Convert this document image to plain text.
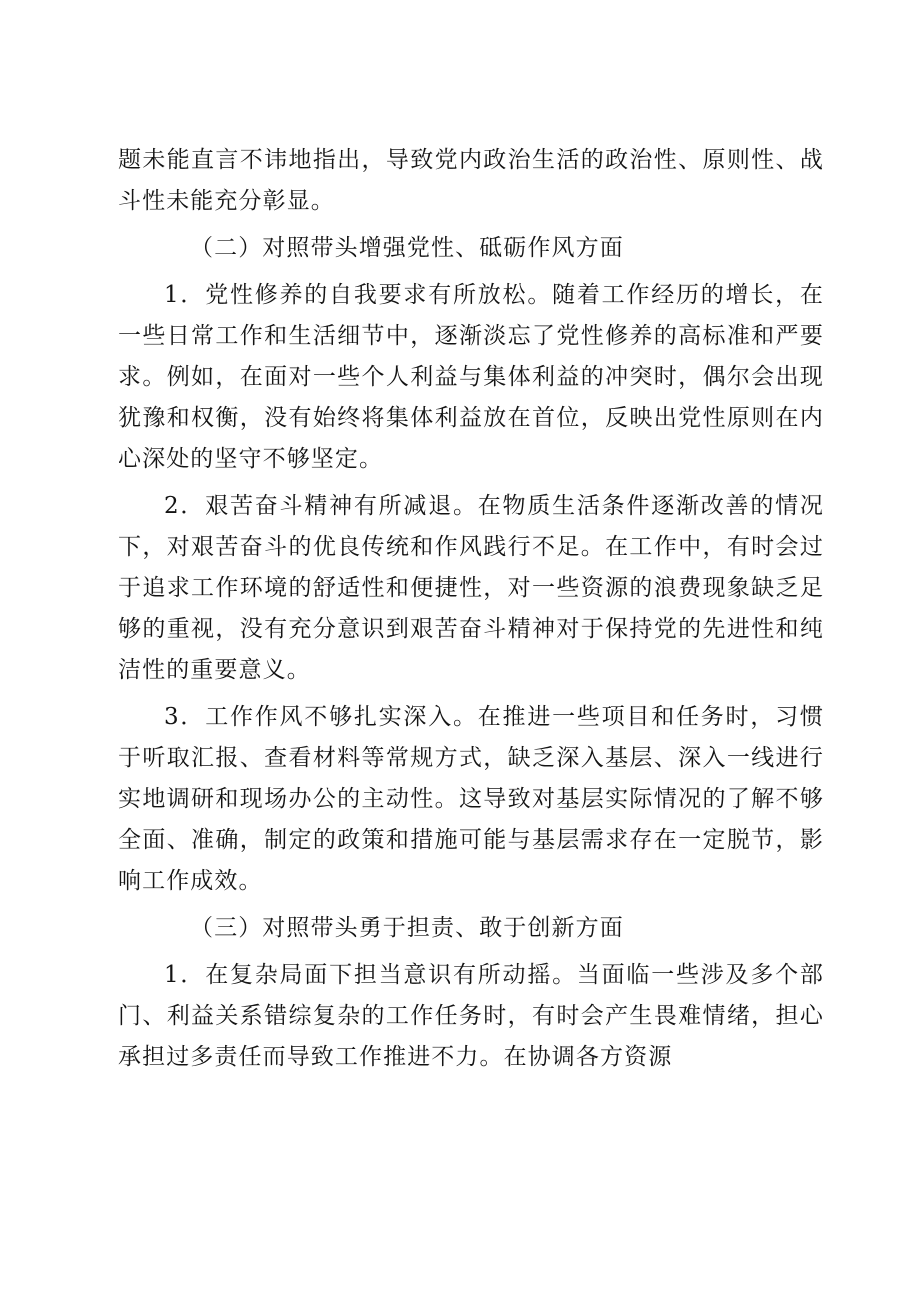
题未能直言不讳地指出，导致党内政治生活的政治性、原则性、战斗性未能充分彰显。

（二）对照带头增强党性、砥砺作风方面

1．党性修养的自我要求有所放松。随着工作经历的增长，在一些日常工作和生活细节中，逐渐淡忘了党性修养的高标准和严要求。例如，在面对一些个人利益与集体利益的冲突时，偶尔会出现犹豫和权衡，没有始终将集体利益放在首位，反映出党性原则在内心深处的坚守不够坚定。

2．艰苦奋斗精神有所减退。在物质生活条件逐渐改善的情况下，对艰苦奋斗的优良传统和作风践行不足。在工作中，有时会过于追求工作环境的舒适性和便捷性，对一些资源的浪费现象缺乏足够的重视，没有充分意识到艰苦奋斗精神对于保持党的先进性和纯洁性的重要意义。

3．工作作风不够扎实深入。在推进一些项目和任务时，习惯于听取汇报、查看材料等常规方式，缺乏深入基层、深入一线进行实地调研和现场办公的主动性。这导致对基层实际情况的了解不够全面、准确，制定的政策和措施可能与基层需求存在一定脱节，影响工作成效。

（三）对照带头勇于担责、敢于创新方面

1．在复杂局面下担当意识有所动摇。当面临一些涉及多个部门、利益关系错综复杂的工作任务时，有时会产生畏难情绪，担心承担过多责任而导致工作推进不力。在协调各方资源
